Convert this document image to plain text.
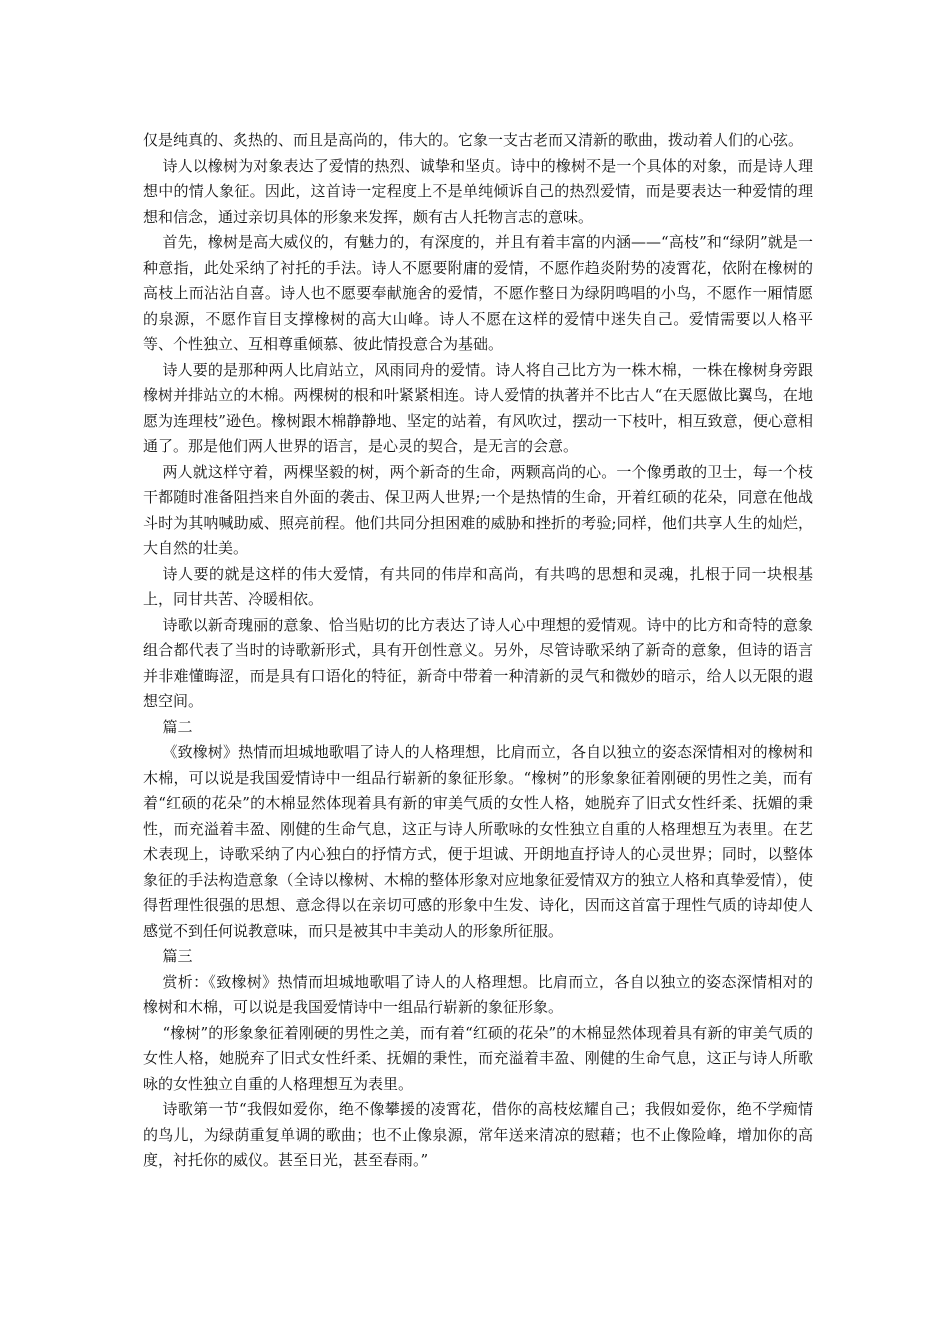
仅是纯真的、炙热的、而且是高尚的，伟大的。它象一支古老而又清新的歌曲，拨动着人们的心弦。

诗人以橡树为对象表达了爱情的热烈、诚挚和坚贞。诗中的橡树不是一个具体的对象，而是诗人理想中的情人象征。因此，这首诗一定程度上不是单纯倾诉自己的热烈爱情，而是要表达一种爱情的理想和信念，通过亲切具体的形象来发挥，颇有古人托物言志的意味。

首先，橡树是高大威仪的，有魅力的，有深度的，并且有着丰富的内涵——“高枝”和“绿阴”就是一种意指，此处采纳了衬托的手法。诗人不愿要附庸的爱情，不愿作趋炎附势的凌霄花，依附在橡树的高枝上而沾沾自喜。诗人也不愿要奉献施舍的爱情，不愿作整日为绿阴鸣唱的小鸟，不愿作一厢情愿的泉源，不愿作盲目支撑橡树的高大山峰。诗人不愿在这样的爱情中迷失自己。爱情需要以人格平等、个性独立、互相尊重倾慕、彼此情投意合为基础。

诗人要的是那种两人比肩站立，风雨同舟的爱情。诗人将自己比方为一株木棉，一株在橡树身旁跟橡树并排站立的木棉。两棵树的根和叶紧紧相连。诗人爱情的执著并不比古人“在天愿做比翼鸟，在地愿为连理枝”逊色。橡树跟木棉静静地、坚定的站着，有风吹过，摆动一下枝叶，相互致意，便心意相通了。那是他们两人世界的语言，是心灵的契合，是无言的会意。

两人就这样守着，两棵坚毅的树，两个新奇的生命，两颗高尚的心。一个像勇敢的卫士，每一个枝干都随时准备阻挡来自外面的袭击、保卫两人世界;一个是热情的生命，开着红硕的花朵，同意在他战斗时为其呐喊助威、照亮前程。他们共同分担困难的威胁和挫折的考验;同样，他们共享人生的灿烂，大自然的壮美。

诗人要的就是这样的伟大爱情，有共同的伟岸和高尚，有共鸣的思想和灵魂，扎根于同一块根基上，同甘共苦、冷暖相依。

诗歌以新奇瑰丽的意象、恰当贴切的比方表达了诗人心中理想的爱情观。诗中的比方和奇特的意象组合都代表了当时的诗歌新形式，具有开创性意义。另外，尽管诗歌采纳了新奇的意象，但诗的语言并非难懂晦涩，而是具有口语化的特征，新奇中带着一种清新的灵气和微妙的暗示，给人以无限的遐想空间。

篇二

《致橡树》热情而坦城地歌唱了诗人的人格理想，比肩而立，各自以独立的姿态深情相对的橡树和木棉，可以说是我国爱情诗中一组品行崭新的象征形象。“橡树”的形象象征着刚硬的男性之美，而有着“红硕的花朵”的木棉显然体现着具有新的审美气质的女性人格，她脱弃了旧式女性纤柔、抚媚的秉性，而充溢着丰盈、刚健的生命气息，这正与诗人所歌咏的女性独立自重的人格理想互为表里。在艺术表现上，诗歌采纳了内心独白的抒情方式，便于坦诚、开朗地直抒诗人的心灵世界；同时，以整体象征的手法构造意象（全诗以橡树、木棉的整体形象对应地象征爱情双方的独立人格和真挚爱情），使得哲理性很强的思想、意念得以在亲切可感的形象中生发、诗化，因而这首富于理性气质的诗却使人感觉不到任何说教意味，而只是被其中丰美动人的形象所征服。

篇三

赏析：《致橡树》热情而坦城地歌唱了诗人的人格理想。比肩而立，各自以独立的姿态深情相对的橡树和木棉，可以说是我国爱情诗中一组品行崭新的象征形象。

“橡树”的形象象征着刚硬的男性之美，而有着“红硕的花朵”的木棉显然体现着具有新的审美气质的女性人格，她脱弃了旧式女性纤柔、抚媚的秉性，而充溢着丰盈、刚健的生命气息，这正与诗人所歌咏的女性独立自重的人格理想互为表里。

诗歌第一节“我假如爱你，绝不像攀援的凌霄花，借你的高枝炫耀自己；我假如爱你，绝不学痴情的鸟儿，为绿荫重复单调的歌曲；也不止像泉源，常年送来清凉的慰藉；也不止像险峰，增加你的高度，衬托你的威仪。甚至日光，甚至春雨。”
